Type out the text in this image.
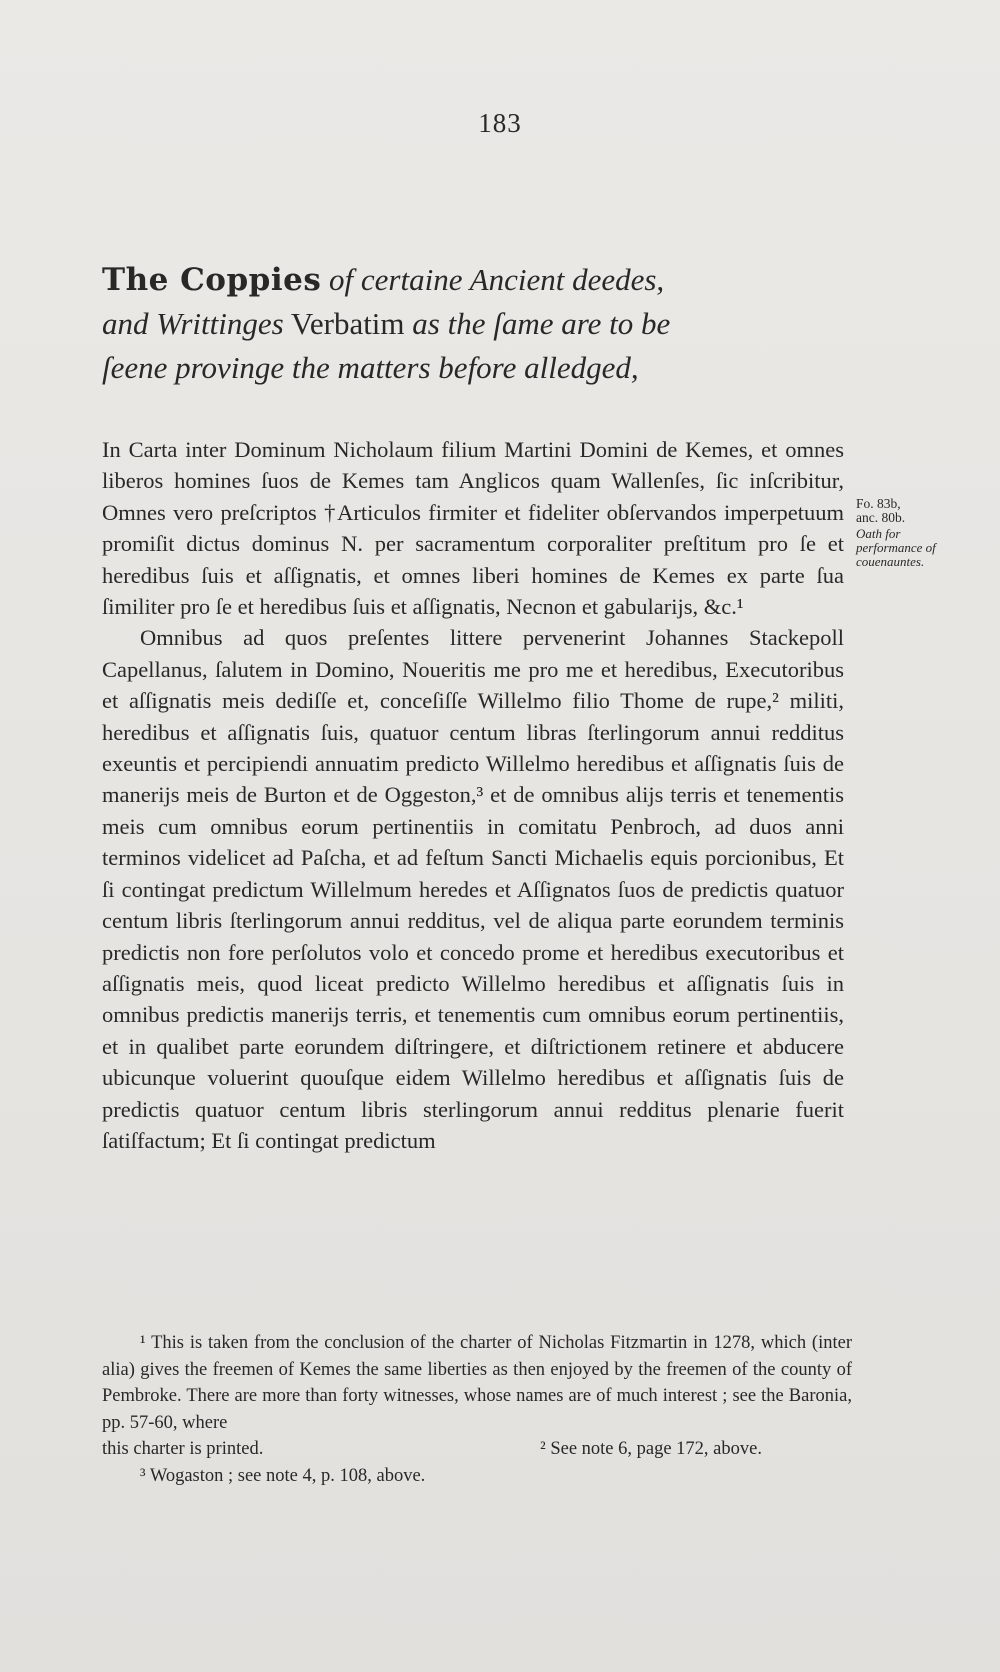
183
The Coppies of certaine Ancient deedes,
and Writtinges Verbatim as the ſame are to be
ſeene provinge the matters before alledged,
Fo. 83b,
anc. 80b.
Oath for performance of couenauntes.

In Carta inter Dominum Nicholaum filium Martini Domini de Kemes, et omnes liberos homines ſuos de Kemes tam Anglicos quam Wallenſes, ſic inſcribitur, Omnes vero preſcriptos †Articulos firmiter et fideliter obſervandos imperpetuum promiſit dictus dominus N. per sacramentum corporaliter preſtitum pro ſe et heredibus ſuis et aſſignatis, et omnes liberi homines de Kemes ex parte ſua ſimiliter pro ſe et heredibus ſuis et aſſignatis, Necnon et gabularijs, &c.¹

Omnibus ad quos preſentes littere pervenerint Johannes Stackepoll Capellanus, ſalutem in Domino, Noueritis me pro me et heredibus, Executoribus et aſſignatis meis dediſſe et, conceſiſſe Willelmo filio Thome de rupe,² militi, heredibus et aſſignatis ſuis, quatuor centum libras ſterlingorum annui redditus exeuntis et percipiendi annuatim predicto Willelmo heredibus et aſſignatis ſuis de manerijs meis de Burton et de Oggeston,³ et de omnibus alijs terris et tenementis meis cum omnibus eorum pertinentiis in comitatu Penbroch, ad duos anni terminos videlicet ad Paſcha, et ad feſtum Sancti Michaelis equis porcionibus, Et ſi contingat predictum Willelmum heredes et Aſſignatos ſuos de predictis quatuor centum libris ſterlingorum annui redditus, vel de aliqua parte eorundem terminis predictis non fore perſolutos volo et concedo prome et heredibus executoribus et aſſignatis meis, quod liceat predicto Willelmo heredibus et aſſignatis ſuis in omnibus predictis manerijs terris, et tenementis cum omnibus eorum pertinentiis, et in qualibet parte eorundem diſtringere, et diſtrictionem retinere et abducere ubicunque voluerint quouſque eidem Willelmo heredibus et aſſignatis ſuis de predictis quatuor centum libris sterlingorum annui redditus plenarie fuerit ſatiſfactum; Et ſi contingat predictum

¹ This is taken from the conclusion of the charter of Nicholas Fitzmartin in 1278, which (inter alia) gives the freemen of Kemes the same liberties as then enjoyed by the freemen of the county of Pembroke. There are more than forty witnesses, whose names are of much interest ; see the Baronia, pp. 57-60, where

this charter is printed.	² See note 6, page 172, above.

³ Wogaston ; see note 4, p. 108, above.
